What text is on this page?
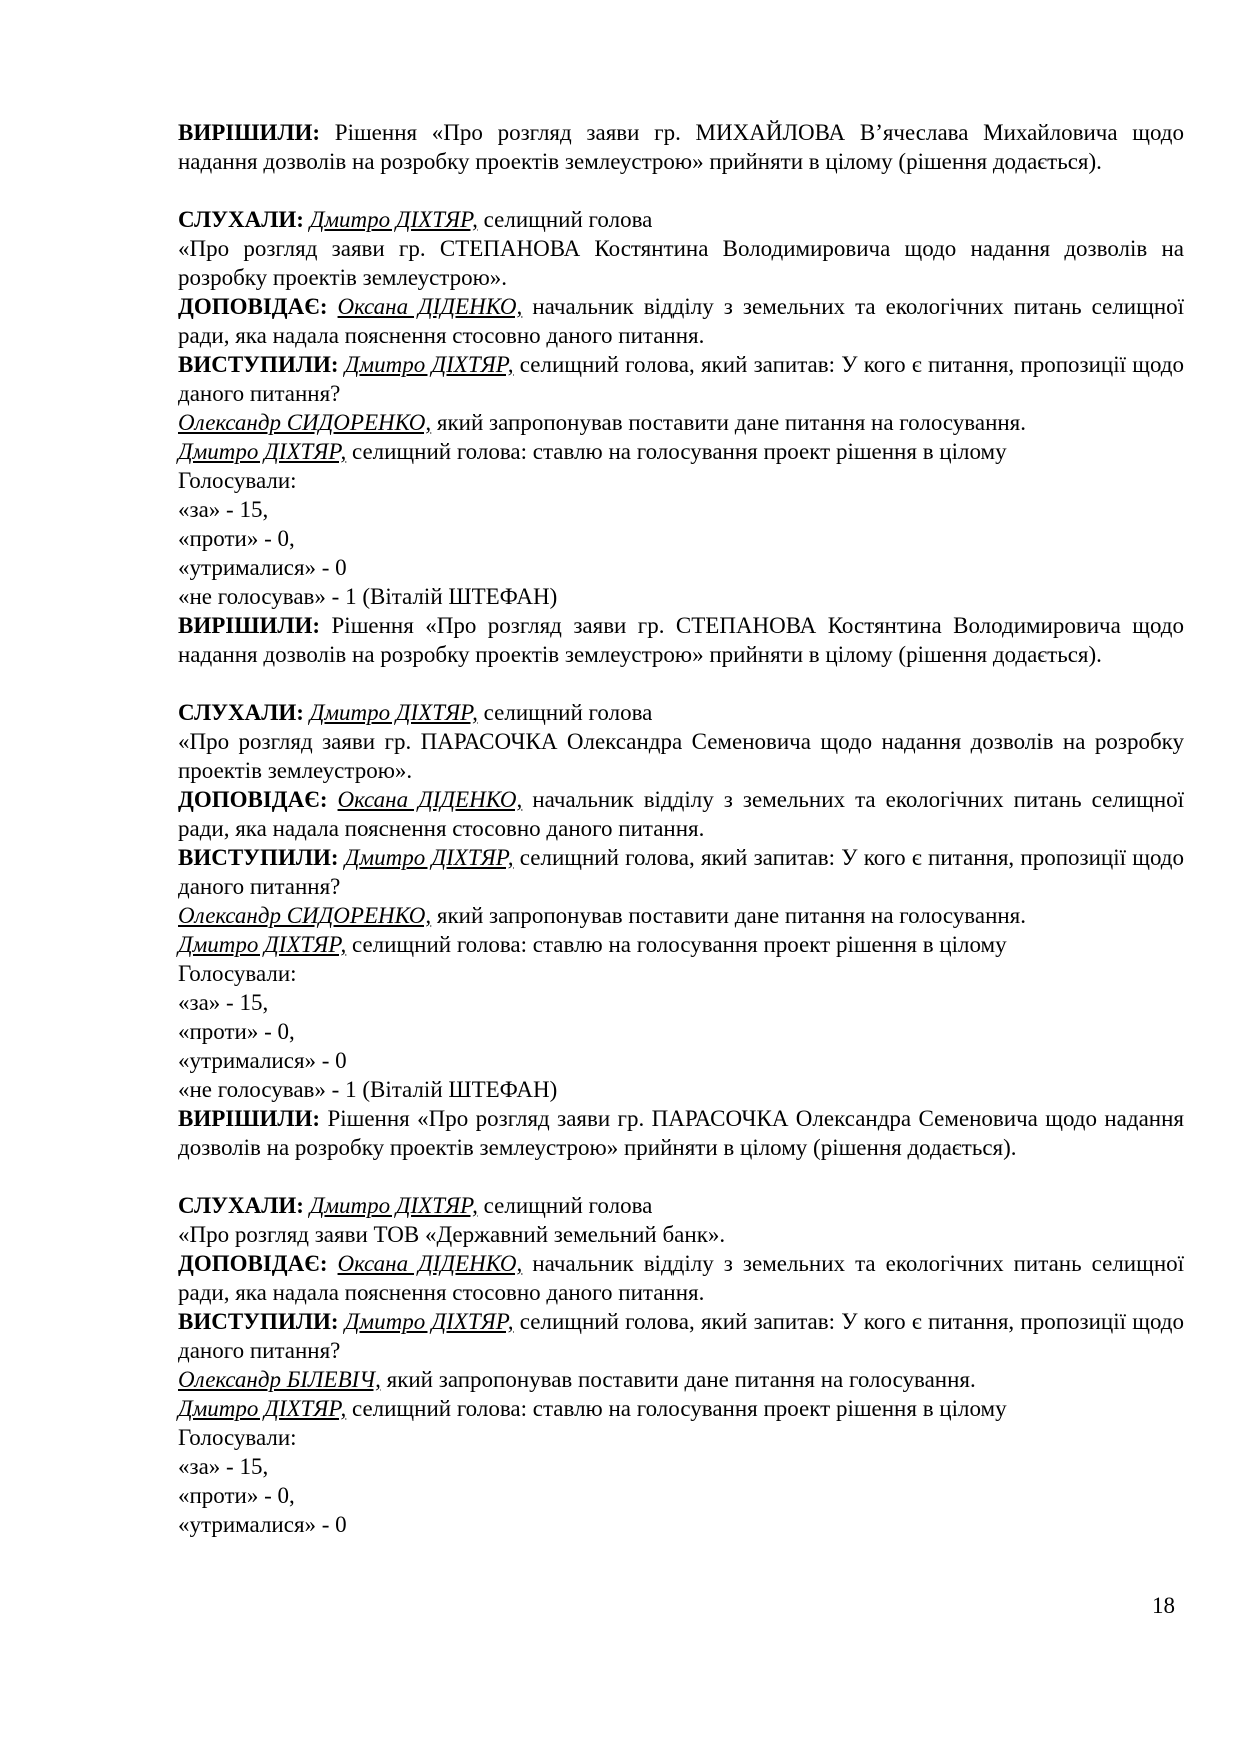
ВИРІШИЛИ: Рішення «Про розгляд заяви гр. МИХАЙЛОВА В’ячеслава Михайловича щодо надання дозволів на розробку проектів землеустрою» прийняти в цілому (рішення додається).

СЛУХАЛИ: Дмитро ДІХТЯР, селищний голова

«Про розгляд заяви гр. СТЕПАНОВА Костянтина Володимировича щодо надання дозволів на розробку проектів землеустрою».

ДОПОВІДАЄ: Оксана ДІДЕНКО, начальник відділу з земельних та екологічних питань селищної ради, яка надала пояснення стосовно даного питання.

ВИСТУПИЛИ: Дмитро ДІХТЯР, селищний голова, який запитав: У кого є питання, пропозиції щодо даного питання?

Олександр СИДОРЕНКО, який запропонував поставити дане питання на голосування.

Дмитро ДІХТЯР, селищний голова: ставлю на голосування проект рішення в цілому

Голосували:

«за» - 15,

«проти» - 0,

«утрималися» - 0

«не голосував» - 1 (Віталій ШТЕФАН)

ВИРІШИЛИ: Рішення «Про розгляд заяви гр. СТЕПАНОВА Костянтина Володимировича щодо надання дозволів на розробку проектів землеустрою» прийняти в цілому (рішення додається).

СЛУХАЛИ: Дмитро ДІХТЯР, селищний голова

«Про розгляд заяви гр. ПАРАСОЧКА Олександра Семеновича щодо надання дозволів на розробку проектів землеустрою».

ДОПОВІДАЄ: Оксана ДІДЕНКО, начальник відділу з земельних та екологічних питань селищної ради, яка надала пояснення стосовно даного питання.

ВИСТУПИЛИ: Дмитро ДІХТЯР, селищний голова, який запитав: У кого є питання, пропозиції щодо даного питання?

Олександр СИДОРЕНКО, який запропонував поставити дане питання на голосування.

Дмитро ДІХТЯР, селищний голова: ставлю на голосування проект рішення в цілому

Голосували:

«за» - 15,

«проти» - 0,

«утрималися» - 0

«не голосував» - 1 (Віталій ШТЕФАН)

ВИРІШИЛИ: Рішення «Про розгляд заяви гр. ПАРАСОЧКА Олександра Семеновича щодо надання дозволів на розробку проектів землеустрою» прийняти в цілому (рішення додається).

СЛУХАЛИ: Дмитро ДІХТЯР, селищний голова

«Про розгляд заяви ТОВ «Державний земельний банк».

ДОПОВІДАЄ: Оксана ДІДЕНКО, начальник відділу з земельних та екологічних питань селищної ради, яка надала пояснення стосовно даного питання.

ВИСТУПИЛИ: Дмитро ДІХТЯР, селищний голова, який запитав: У кого є питання, пропозиції щодо даного питання?

Олександр БІЛЕВІЧ, який запропонував поставити дане питання на голосування.

Дмитро ДІХТЯР, селищний голова: ставлю на голосування проект рішення в цілому

Голосували:

«за» - 15,

«проти» - 0,

«утрималися» - 0

18
